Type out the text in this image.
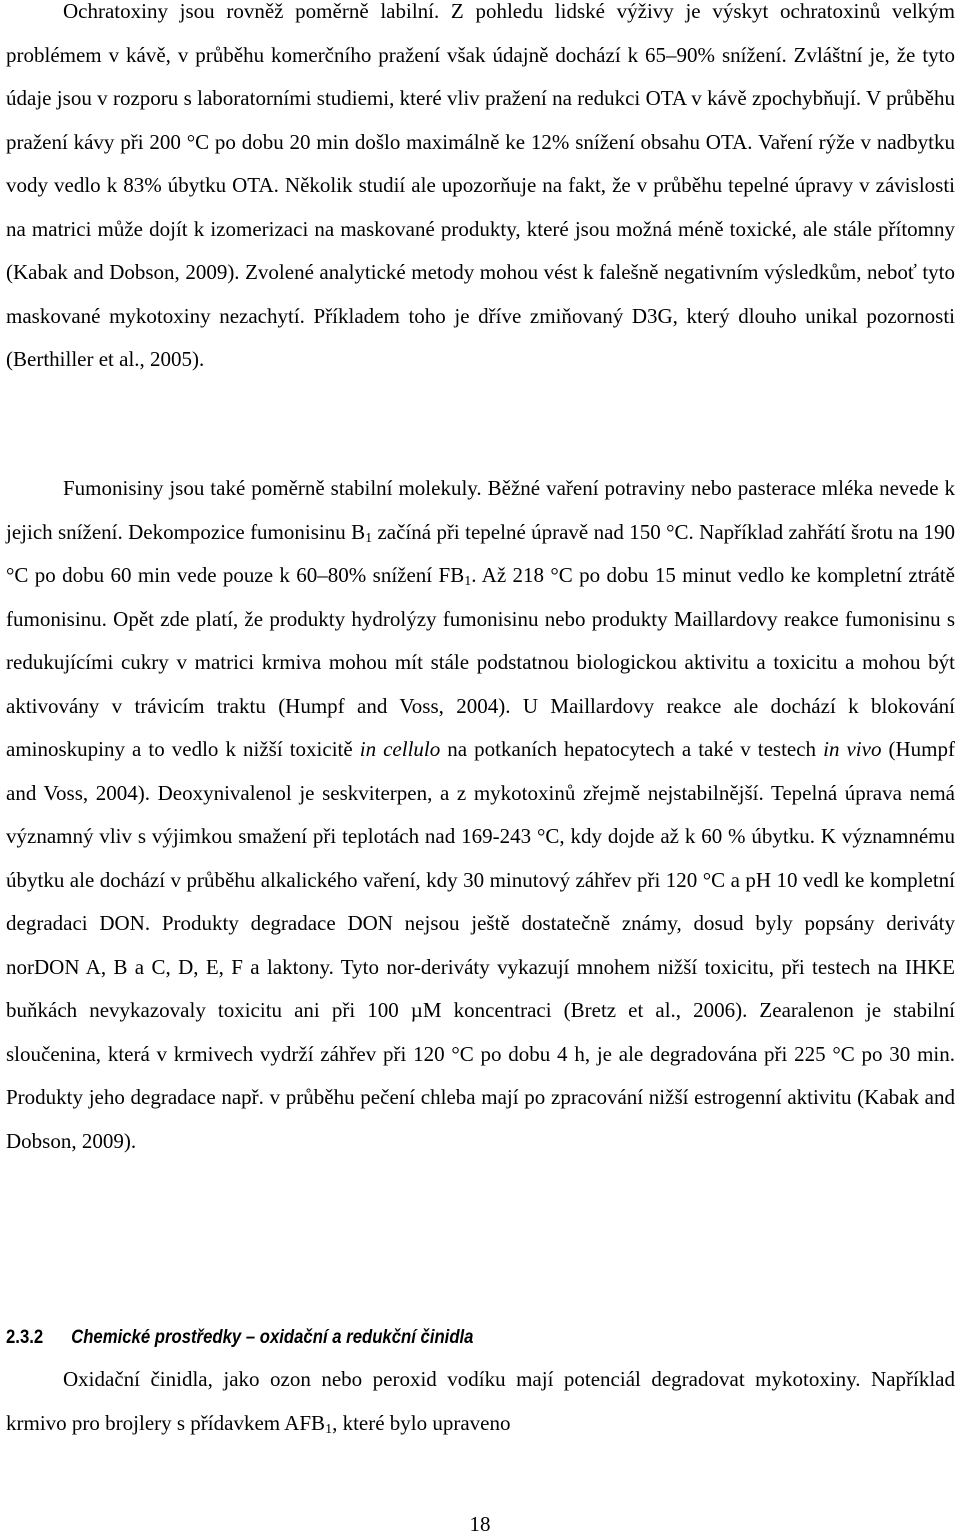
Ochratoxiny jsou rovněž poměrně labilní. Z pohledu lidské výživy je výskyt ochratoxinů velkým problémem v kávě, v průběhu komerčního pražení však údajně dochází k 65–90% snížení. Zvláštní je, že tyto údaje jsou v rozporu s laboratorními studiemi, které vliv pražení na redukci OTA v kávě zpochybňují. V průběhu pražení kávy při 200 °C po dobu 20 min došlo maximálně ke 12% snížení obsahu OTA. Vaření rýže v nadbytku vody vedlo k 83% úbytku OTA. Několik studií ale upozorňuje na fakt, že v průběhu tepelné úpravy v závislosti na matrici může dojít k izomerizaci na maskované produkty, které jsou možná méně toxické, ale stále přítomny (Kabak and Dobson, 2009). Zvolené analytické metody mohou vést k falešně negativním výsledkům, neboť tyto maskované mykotoxiny nezachytí. Příkladem toho je dříve zmiňovaný D3G, který dlouho unikal pozornosti (Berthiller et al., 2005).

Fumonisiny jsou také poměrně stabilní molekuly. Běžné vaření potraviny nebo pasterace mléka nevede k jejich snížení. Dekompozice fumonisinu $B_1$ začíná při tepelné úpravě nad 150 °C. Například zahřátí šrotu na 190 °C po dobu 60 min vede pouze k 60–80% snížení $FB_1$. Až 218 °C po dobu 15 minut vedlo ke kompletní ztrátě fumonisinu. Opět zde platí, že produkty hydrolýzy fumonisinu nebo produkty Maillardovy reakce fumonisinu s redukujícími cukry v matrici krmiva mohou mít stále podstatnou biologickou aktivitu a toxicitu a mohou být aktivovány v trávicím traktu (Humpf and Voss, 2004). U Maillardovy reakce ale dochází k blokování aminoskupiny a to vedlo k nižší toxicitě in cellulo na potkaních hepatocytech a také v testech in vivo (Humpf and Voss, 2004). Deoxynivalenol je seskviterpen, a z mykotoxinů zřejmě nejstabilnější. Tepelná úprava nemá významný vliv s výjimkou smažení při teplotách nad 169-243 °C, kdy dojde až k 60 % úbytku. K významnému úbytku ale dochází v průběhu alkalického vaření, kdy 30 minutový záhřev při 120 °C a pH 10 vedl ke kompletní degradaci DON. Produkty degradace DON nejsou ještě dostatečně známy, dosud byly popsány deriváty norDON A, B a C, D, E, F a laktony. Tyto nor-deriváty vykazují mnohem nižší toxicitu, při testech na IHKE buňkách nevykazovaly toxicitu ani při 100 µM koncentraci (Bretz et al., 2006). Zearalenon je stabilní sloučenina, která v krmivech vydrží záhřev při 120 °C po dobu 4 h, je ale degradována při 225 °C po 30 min. Produkty jeho degradace např. v průběhu pečení chleba mají po zpracování nižší estrogenní aktivitu (Kabak and Dobson, 2009).

2.3.2 Chemické prostředky – oxidační a redukční činidla

Oxidační činidla, jako ozon nebo peroxid vodíku mají potenciál degradovat mykotoxiny. Například krmivo pro brojlery s přídavkem $AFB_1$, které bylo upraveno

18
